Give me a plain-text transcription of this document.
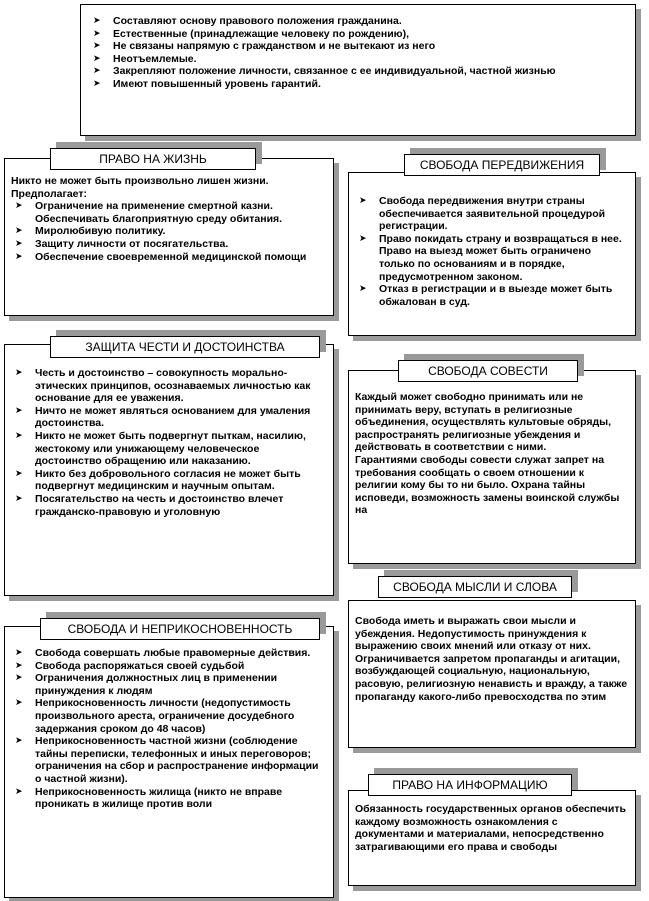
➤ Составляют основу правового положения гражданина.
➤ Естественные (принадлежащие человеку по рождению),
➤ Не связаны напрямую с гражданством и не вытекают из него
➤ Неотъемлемые.
➤ Закрепляют положение личности, связанное с ее индивидуальной, частной жизнью
➤ Имеют повышенный уровень гарантий.
Никто не может быть произвольно лишен жизни.
Предполагает:
➤ Ограничение на применение смертной казни. Обеспечивать благоприятную среду обитания.
➤ Миролюбивую политику.
➤ Защиту личности от посягательства.
➤ Обеспечение своевременной медицинской помощи
ПРАВО НА ЖИЗНЬ
➤ Свобода передвижения внутри страны обеспечивается заявительной процедурой регистрации.
➤ Право покидать страну и возвращаться в нее. Право на выезд может быть ограничено только по основаниям и в порядке, предусмотренном законом.
➤ Отказ в регистрации и в выезде может быть обжалован в суд.
СВОБОДА ПЕРЕДВИЖЕНИЯ
➤ Честь и достоинство – совокупность морально-этических принципов, осознаваемых личностью как основание для ее уважения.
➤ Ничто не может являться основанием для умаления достоинства.
➤ Никто не может быть подвергнут пыткам, насилию, жестокому или унижающему человеческое достоинство обращению или наказанию.
➤ Никто без добровольного согласия не может быть подвергнут медицинским и научным опытам.
➤ Посягательство на честь и достоинство влечет гражданско-правовую и уголовную
ЗАЩИТА ЧЕСТИ И ДОСТОИНСТВА
Каждый может свободно принимать или не принимать веру, вступать в религиозные объединения, осуществлять культовые обряды, распространять религиозные убеждения и действовать в соответствии с ними.
Гарантиями свободы совести служат запрет на требования сообщать о своем отношении к религии кому бы то ни было. Охрана тайны исповеди, возможность замены воинской службы на
СВОБОДА СОВЕСТИ
➤ Свобода совершать любые правомерные действия.
➤ Свобода распоряжаться своей судьбой
➤ Ограничения должностных лиц в применении принуждения к людям
➤ Неприкосновенность личности (недопустимость произвольного ареста, ограничение досудебного задержания сроком до 48 часов)
➤ Неприкосновенность частной жизни (соблюдение тайны переписки, телефонных и иных переговоров; ограничения на сбор и распространение информации о частной жизни).
➤ Неприкосновенность жилища (никто не вправе проникать в жилище против воли
СВОБОДА И НЕПРИКОСНОВЕННОСТЬ
Свобода иметь и выражать свои мысли и убеждения. Недопустимость принуждения к выражению своих мнений или отказу от них. Ограничивается запретом пропаганды и агитации, возбуждающей социальную, национальную, расовую, религиозную ненависть и вражду, а также пропаганду какого-либо превосходства по этим
СВОБОДА МЫСЛИ И СЛОВА
Обязанность государственных органов обеспечить каждому возможность ознакомления с документами и материалами, непосредственно затрагивающими его права и свободы
ПРАВО НА ИНФОРМАЦИЮ
